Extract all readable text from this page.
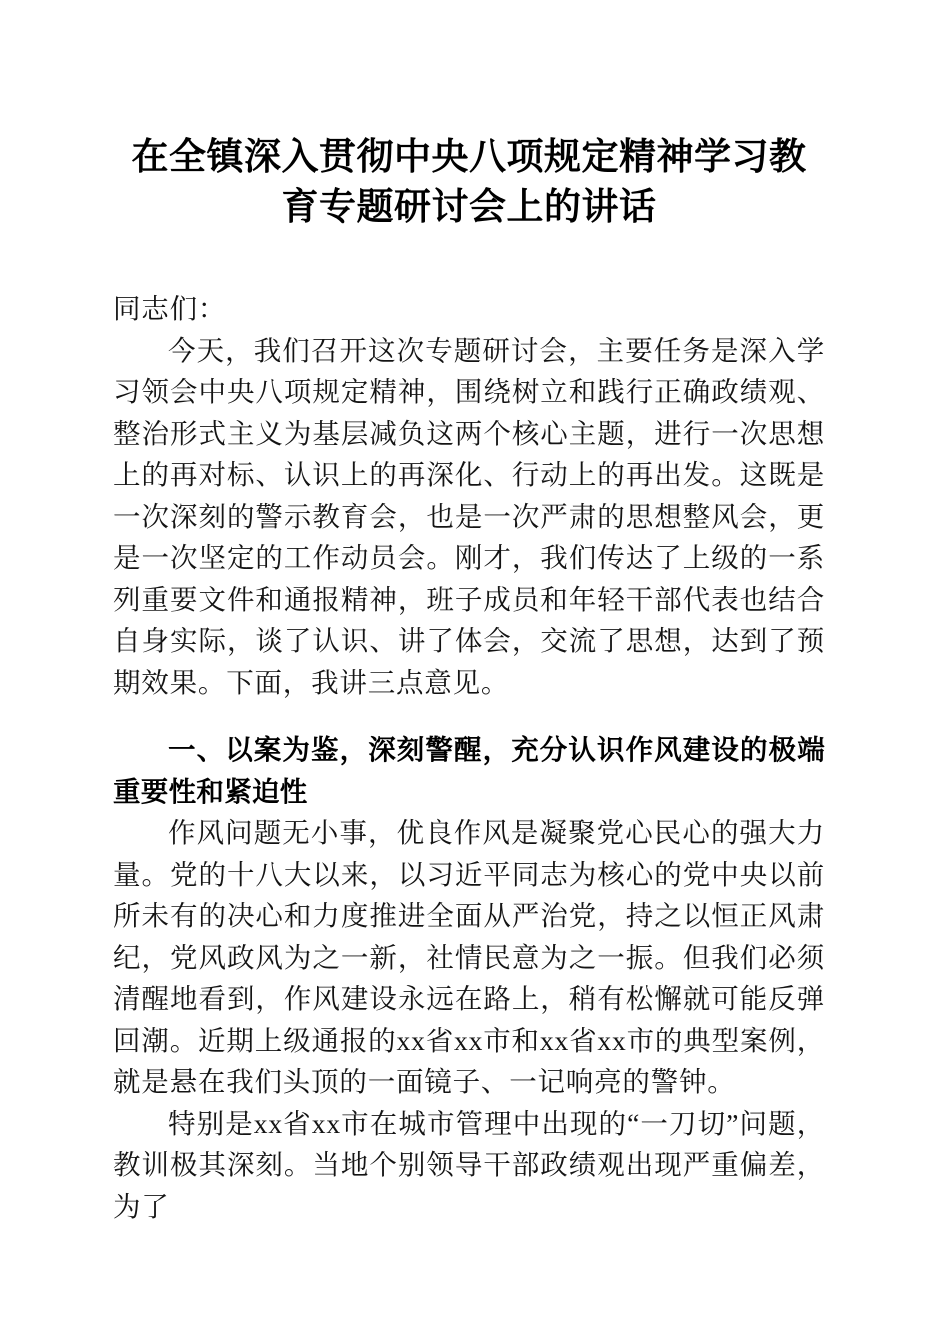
在全镇深入贯彻中央八项规定精神学习教育专题研讨会上的讲话

同志们：

今天，我们召开这次专题研讨会，主要任务是深入学习领会中央八项规定精神，围绕树立和践行正确政绩观、整治形式主义为基层减负这两个核心主题，进行一次思想上的再对标、认识上的再深化、行动上的再出发。这既是一次深刻的警示教育会，也是一次严肃的思想整风会，更是一次坚定的工作动员会。刚才，我们传达了上级的一系列重要文件和通报精神，班子成员和年轻干部代表也结合自身实际，谈了认识、讲了体会，交流了思想，达到了预期效果。下面，我讲三点意见。

一、以案为鉴，深刻警醒，充分认识作风建设的极端重要性和紧迫性

作风问题无小事，优良作风是凝聚党心民心的强大力量。党的十八大以来，以习近平同志为核心的党中央以前所未有的决心和力度推进全面从严治党，持之以恒正风肃纪，党风政风为之一新，社情民意为之一振。但我们必须清醒地看到，作风建设永远在路上，稍有松懈就可能反弹回潮。近期上级通报的xx省xx市和xx省xx市的典型案例，就是悬在我们头顶的一面镜子、一记响亮的警钟。

特别是xx省xx市在城市管理中出现的“一刀切”问题，教训极其深刻。当地个别领导干部政绩观出现严重偏差，为了
